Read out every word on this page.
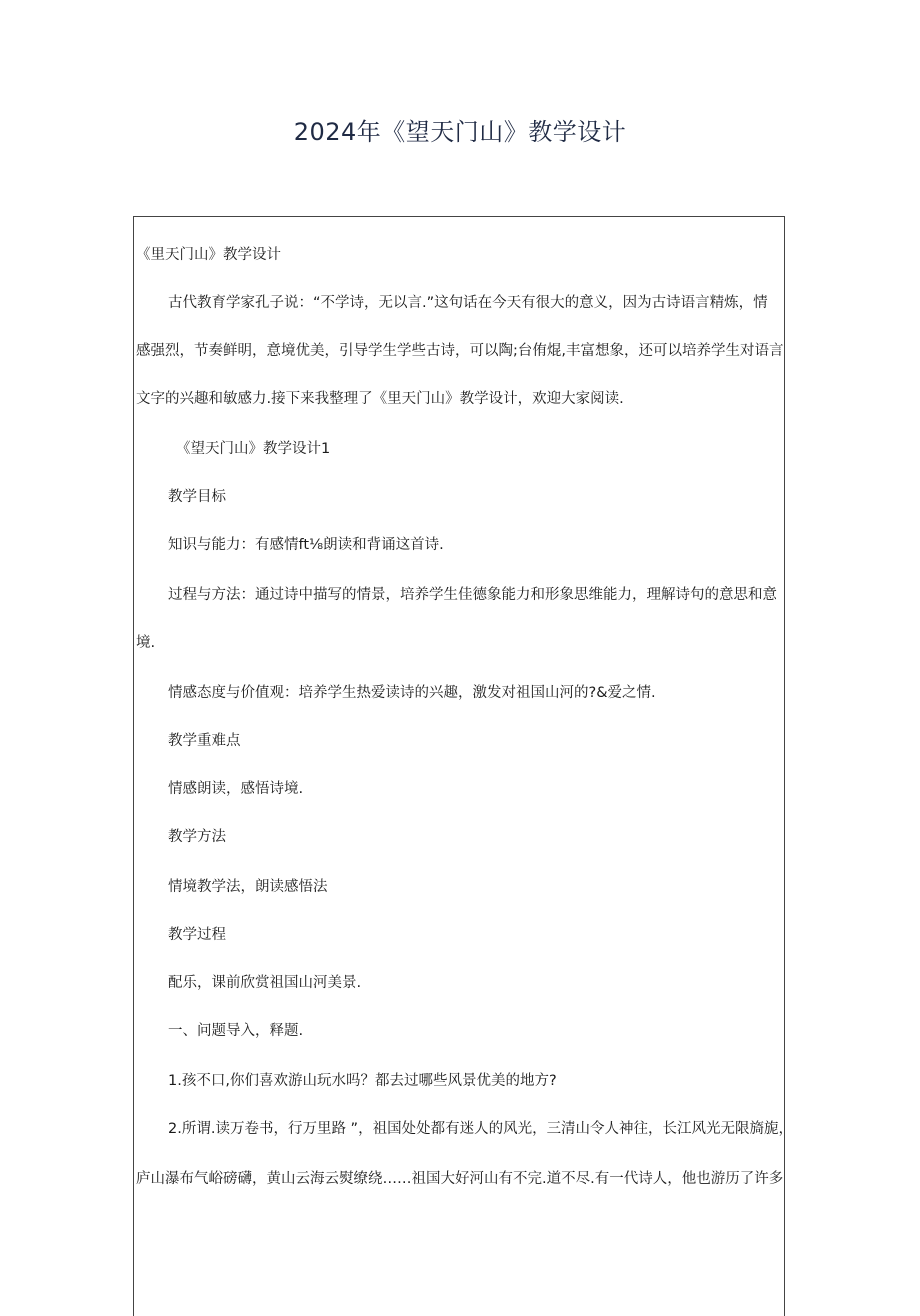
2024年《望天门山》教学设计
《里天门山》教学设计
古代教育学家孔子说：“不学诗，无以言.”这句话在今天有很大的意义，因为古诗语言精炼，情
感强烈，节奏鲜明，意境优美，引导学生学些古诗，可以陶;台侑焜,丰富想象，还可以培养学生对语言
文字的兴趣和敏感力.接下来我整理了《里天门山》教学设计，欢迎大家阅读.
《望天门山》教学设计1
教学目标
知识与能力：有感情ft⅛朗读和背诵这首诗.
过程与方法：通过诗中描写的情景，培养学生佳德象能力和形象思维能力，理解诗句的意思和意
境.
情感态度与价值观：培养学生热爱读诗的兴趣，激发对祖国山河的?&爱之情.
教学重难点
情感朗读，感悟诗境.
教学方法
情境教学法，朗读感悟法
教学过程
配乐，课前欣赏祖国山河美景.
一、问题导入，释题.
1.孩不口,你们喜欢游山玩水吗？都去过哪些风景优美的地方?
2.所谓.读万卷书，行万里路 ”，祖国处处都有迷人的风光，三清山令人神往，长江风光无限旖旎，
庐山瀑布气峪磅礴，黄山云海云熨缭绕……祖国大好河山有不完.道不尽.有一代诗人，他也游历了许多
